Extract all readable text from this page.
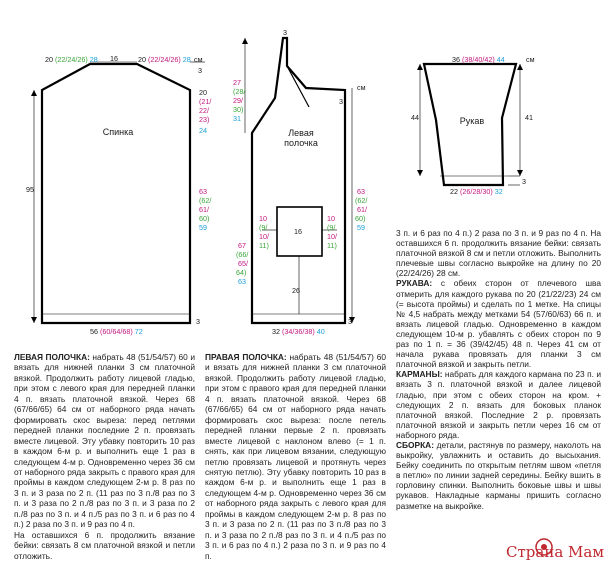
Спинка
20 (22/24/26) 28 16	20 (22/24/26) 28 см
95
3
20
(21/
22/
23)
24
63
(62/
61/
60)
59
56 (60/64/68) 72
3
Левая полочка
3
см
3
27
(28/
29/
30)
31
10
(9/
10/
11)
16
10
(9/
10/
11)
67
(66/
65/
64)
63
63
(62/
61/
60)
59
26
32 (34/36/38) 40
3
Рукав
36 (38/40/42) 44	см
44	41
22 (26/28/30) 32
3

ЛЕВАЯ ПОЛОЧКА: набрать 48 (51/54/57) 60 и вязать для нижней планки 3 см платочной вязкой. Продолжить работу лицевой гладью, при этом с левого края для передней планки 4 п. вязать платочной вязкой. Через 68 (67/66/65) 64 см от наборного ряда начать формировать скос выреза: перед петлями передней планки последние 2 п. провязать вместе лицевой. Эту убавку повторить 10 раз в каждом 6-м р. и выполнить еще 1 раз в следующем 4-м р. Одновременно через 36 см от наборного ряда закрыть с правого края для проймы в каждом следующем 2-м р. 8 раз по 3 п. и 3 раза по 2 п. (11 раз по 3 п./8 раз по 3 п. и 3 раза по 2 п./8 раз по 3 п. и 3 раза по 2 п./8 раз по 3 п. и 4 п./5 раз по 3 п. и 6 раз по 4 п.) 2 раза по 3 п. и 9 раз по 4 п.

На оставшихся 6 п. продолжить вязание бейки: связать 8 см платочной вязкой и петли отложить.

ПРАВАЯ ПОЛОЧКА: набрать 48 (51/54/57) 60 и вязать для нижней планки 3 см платочной вязкой. Продолжить работу лицевой гладью, при этом с правого края для передней планки 4 п. вязать платочной вязкой. Через 68 (67/66/65) 64 см от наборного ряда начать формировать скос выреза: после петель передней планки первые 2 п. провязать вместе лицевой с наклоном влево (= 1 п. снять, как при лицевом вязании, следующую петлю провязать лицевой и протянуть через снятую петлю). Эту убавку повторить 10 раз в каждом 6-м р. и выполнить еще 1 раз в следующем 4-м р. Одновременно через 36 см от наборного ряда закрыть с левого края для проймы в каждом следующем 2-м р. 8 раз по 3 п. и 3 раза по 2 п. (11 раз по 3 п./8 раз по 3 п. и 3 раза по 2 п./8 раз по 3 п. и 4 п./5 раз по 3 п. и 6 раз по 4 п.) 2 раза по 3 п. и 9 раз по 4 п.

3 п. и 6 раз по 4 п.) 2 раза по 3 п. и 9 раз по 4 п. На оставшихся 6 п. продолжить вязание бейки: связать платочной вязкой 8 см и петли отложить. Выполнить плечевые швы согласно выкройке на длину по 20 (22/24/26) 28 см.

РУКАВА: с обеих сторон от плечевого шва отмерить для каждого рукава по 20 (21/22/23) 24 см (= высота проймы) и сделать по 1 метке. На спицы № 4,5 набрать между метками 54 (57/60/63) 66 п. и вязать лицевой гладью. Одновременно в каждом следующем 10-м р. убавлять с обеих сторон по 9 раз по 1 п. = 36 (39/42/45) 48 п. Через 41 см от начала рукава провязать для планки 3 см платочной вязкой и закрыть петли.

КАРМАНЫ: набрать для каждого кармана по 23 п. и вязать 3 п. платочной вязкой и далее лицевой гладью, при этом с обеих сторон на кром. + следующих 2 п. вязать для боковых планок платочной вязкой. Последние 2 р. провязать платочной вязкой и закрыть петли через 16 см от наборного ряда.

СБОРКА: детали, растянув по размеру, наколоть на выкройку, увлажнить и оставить до высыхания. Бейку соединить по открытым петлям швом «петля в петлю» по линии задней середины. Бейку вшить в горловину спинки. Выполнить боковые швы и швы рукавов. Накладные карманы пришить согласно разметке на выкройке.

Страна Мам
